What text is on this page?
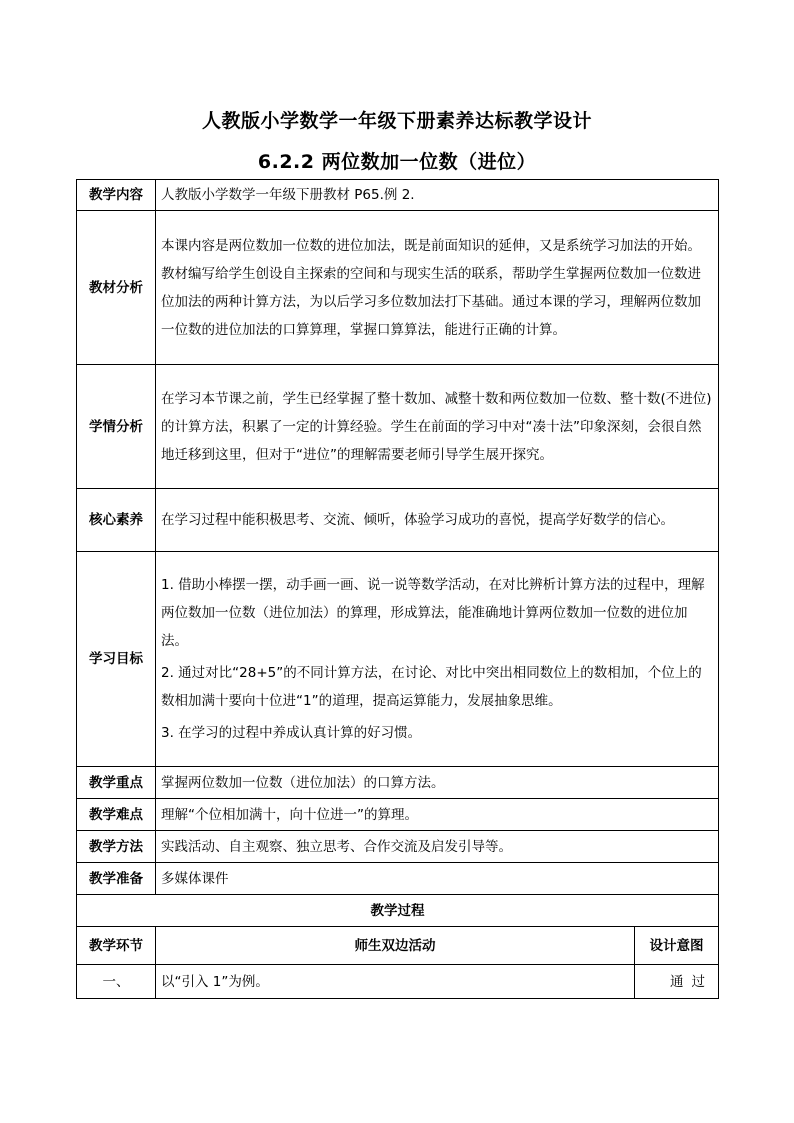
人教版小学数学一年级下册素养达标教学设计
6.2.2 两位数加一位数（进位）
教学内容	人教版小学数学一年级下册教材 P65.例 2.	
教材分析	本课内容是两位数加一位数的进位加法，既是前面知识的延伸，又是系统学习加法的开始。教材编写给学生创设自主探索的空间和与现实生活的联系，帮助学生掌握两位数加一位数进位加法的两种计算方法，为以后学习多位数加法打下基础。通过本课的学习，理解两位数加一位数的进位加法的口算算理，掌握口算算法，能进行正确的计算。	

学情分析	在学习本节课之前，学生已经掌握了整十数加、减整十数和两位数加一位数、整十数(不进位)的计算方法，积累了一定的计算经验。学生在前面的学习中对“凑十法”印象深刻，会很自然地迁移到这里，但对于“进位”的理解需要老师引导学生展开探究。	

核心素养	在学习过程中能积极思考、交流、倾听，体验学习成功的喜悦，提高学好数学的信心。	

学习目标	1. 借助小棒摆一摆，动手画一画、说一说等数学活动，在对比辨析计算方法的过程中，理解两位数加一位数（进位加法）的算理，形成算法，能准确地计算两位数加一位数的进位加法。

2. 通过对比“28+5”的不同计算方法，在讨论、对比中突出相同数位上的数相加，个位上的数相加满十要向十位进“1”的道理，提高运算能力，发展抽象思维。

3. 在学习的过程中养成认真计算的好习惯。	

教学重点	掌握两位数加一位数（进位加法）的口算方法。	
教学难点	理解“个位相加满十，向十位进一”的算理。	
教学方法	实践活动、自主观察、独立思考、合作交流及启发引导等。	
教学准备	多媒体课件	
教学过程		
教学环节	师生双边活动	设计意图
一、	以“引入 1”为例。	通过
